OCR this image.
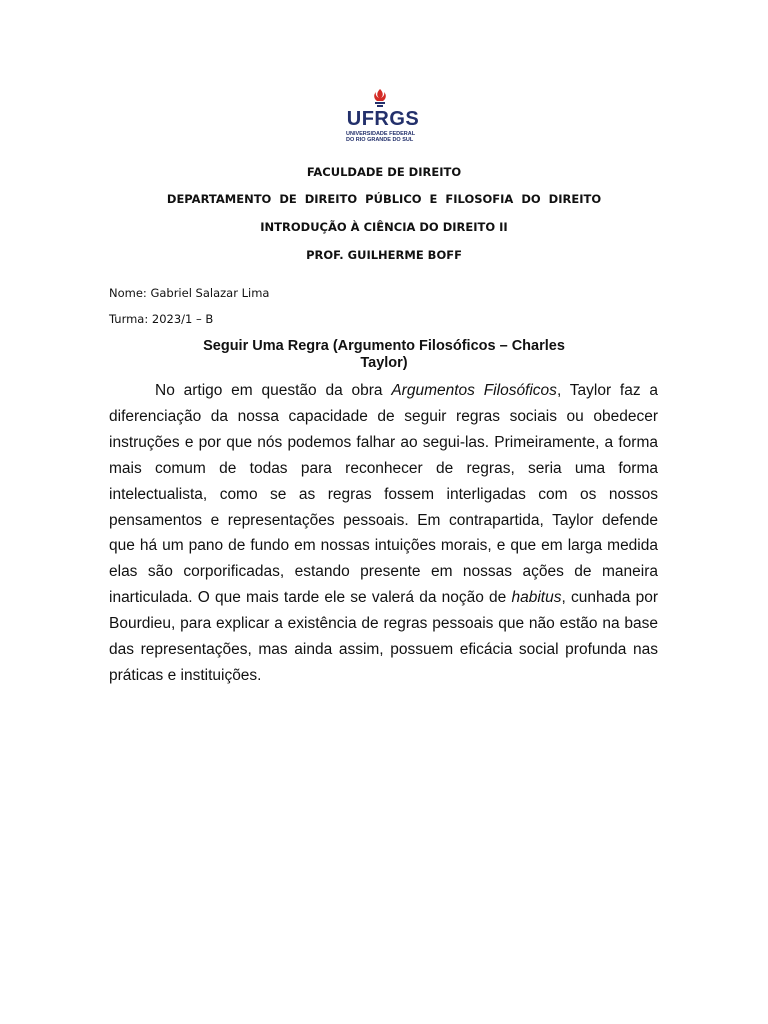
UFRGS
UNIVERSIDADE FEDERAL
DO RIO GRANDE DO SUL
FACULDADE DE DIREITO
DEPARTAMENTO  DE  DIREITO  PÚBLICO  E  FILOSOFIA  DO  DIREITO
INTRODUÇÃO À CIÊNCIA DO DIREITO II
PROF. GUILHERME BOFF
Nome: Gabriel Salazar Lima
Turma: 2023/1 – B
Seguir Uma Regra (Argumento Filosóficos – Charles
Taylor)
No artigo em questão da obra Argumentos Filosóficos, Taylor faz a diferenciação da nossa capacidade de seguir regras sociais ou obedecer instruções e por que nós podemos falhar ao segui-las. Primeiramente, a forma mais comum de todas para reconhecer de regras, seria uma forma intelectualista, como se as regras fossem interligadas com os nossos pensamentos e representações pessoais. Em contrapartida, Taylor defende que há um pano de fundo em nossas intuições morais, e que em larga medida elas são corporificadas, estando presente em nossas ações de maneira inarticulada. O que mais tarde ele se valerá da noção de habitus, cunhada por Bourdieu, para explicar a existência de regras pessoais que não estão na base das representações, mas ainda assim, possuem eficácia social profunda nas práticas e instituições.
